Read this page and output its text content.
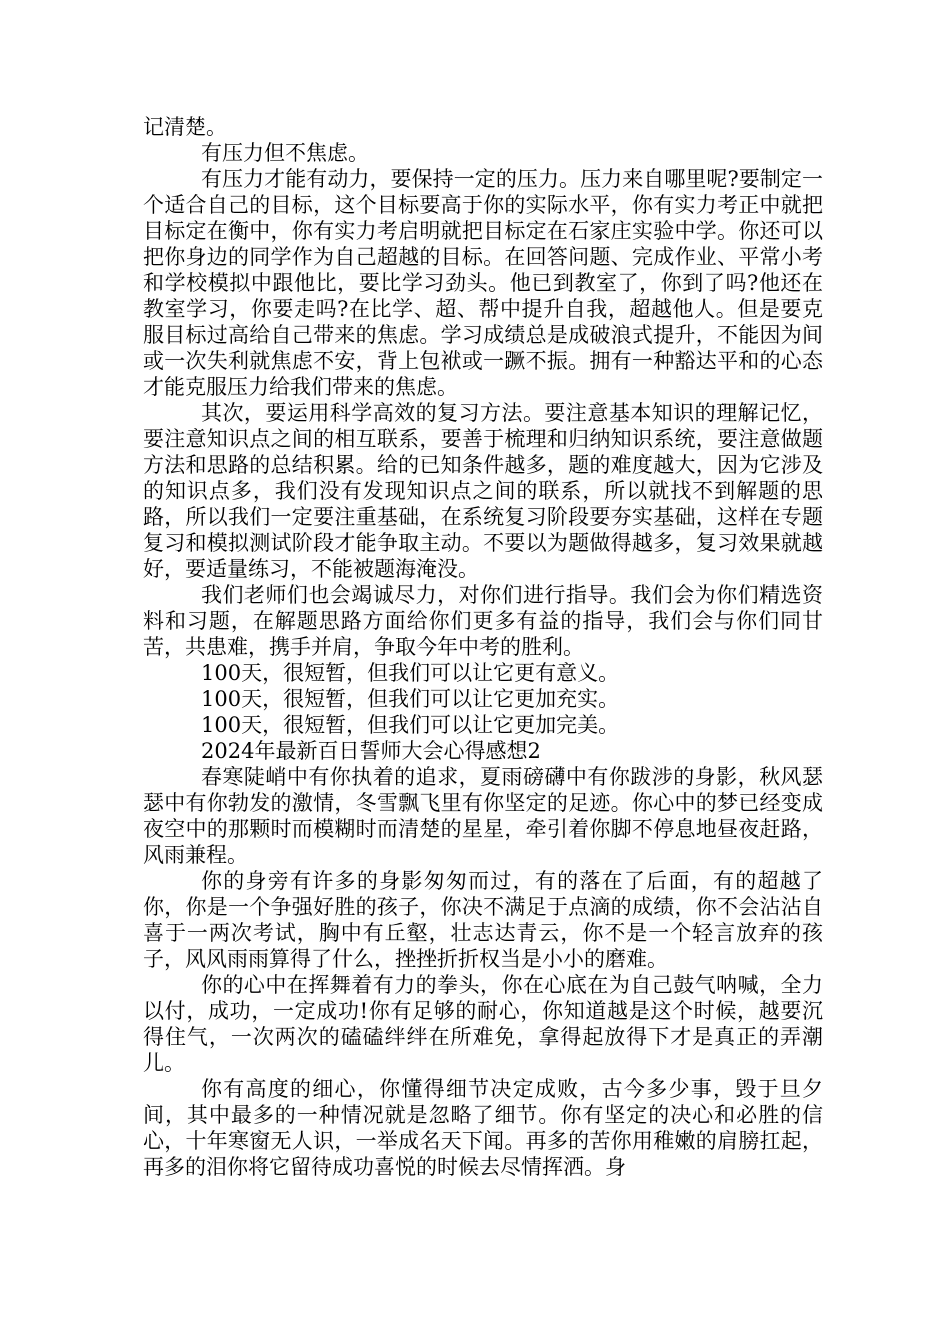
记清楚。

有压力但不焦虑。

有压力才能有动力，要保持一定的压力。压力来自哪里呢?要制定一个适合自己的目标，这个目标要高于你的实际水平，你有实力考正中就把目标定在衡中，你有实力考启明就把目标定在石家庄实验中学。你还可以把你身边的同学作为自己超越的目标。在回答问题、完成作业、平常小考和学校模拟中跟他比，要比学习劲头。他已到教室了，你到了吗?他还在教室学习，你要走吗?在比学、超、帮中提升自我，超越他人。但是要克服目标过高给自己带来的焦虑。学习成绩总是成破浪式提升，不能因为间或一次失利就焦虑不安，背上包袱或一蹶不振。拥有一种豁达平和的心态才能克服压力给我们带来的焦虑。

其次，要运用科学高效的复习方法。要注意基本知识的理解记忆，要注意知识点之间的相互联系，要善于梳理和归纳知识系统，要注意做题方法和思路的总结积累。给的已知条件越多，题的难度越大，因为它涉及的知识点多，我们没有发现知识点之间的联系，所以就找不到解题的思路，所以我们一定要注重基础，在系统复习阶段要夯实基础，这样在专题复习和模拟测试阶段才能争取主动。不要以为题做得越多，复习效果就越好，要适量练习，不能被题海淹没。

我们老师们也会竭诚尽力，对你们进行指导。我们会为你们精选资料和习题，在解题思路方面给你们更多有益的指导，我们会与你们同甘苦，共患难，携手并肩，争取今年中考的胜利。

100天，很短暂，但我们可以让它更有意义。

100天，很短暂，但我们可以让它更加充实。

100天，很短暂，但我们可以让它更加完美。

2024年最新百日誓师大会心得感想2

春寒陡峭中有你执着的追求，夏雨磅礴中有你跋涉的身影，秋风瑟瑟中有你勃发的激情，冬雪飘飞里有你坚定的足迹。你心中的梦已经变成夜空中的那颗时而模糊时而清楚的星星，牵引着你脚不停息地昼夜赶路，风雨兼程。

你的身旁有许多的身影匆匆而过，有的落在了后面，有的超越了你，你是一个争强好胜的孩子，你决不满足于点滴的成绩，你不会沾沾自喜于一两次考试，胸中有丘壑，壮志达青云，你不是一个轻言放弃的孩子，风风雨雨算得了什么，挫挫折折权当是小小的磨难。

你的心中在挥舞着有力的拳头，你在心底在为自己鼓气呐喊，全力以付，成功，一定成功!你有足够的耐心，你知道越是这个时候，越要沉得住气，一次两次的磕磕绊绊在所难免，拿得起放得下才是真正的弄潮儿。

你有高度的细心，你懂得细节决定成败，古今多少事，毁于旦夕间，其中最多的一种情况就是忽略了细节。你有坚定的决心和必胜的信心，十年寒窗无人识，一举成名天下闻。再多的苦你用稚嫩的肩膀扛起，再多的泪你将它留待成功喜悦的时候去尽情挥洒。身
